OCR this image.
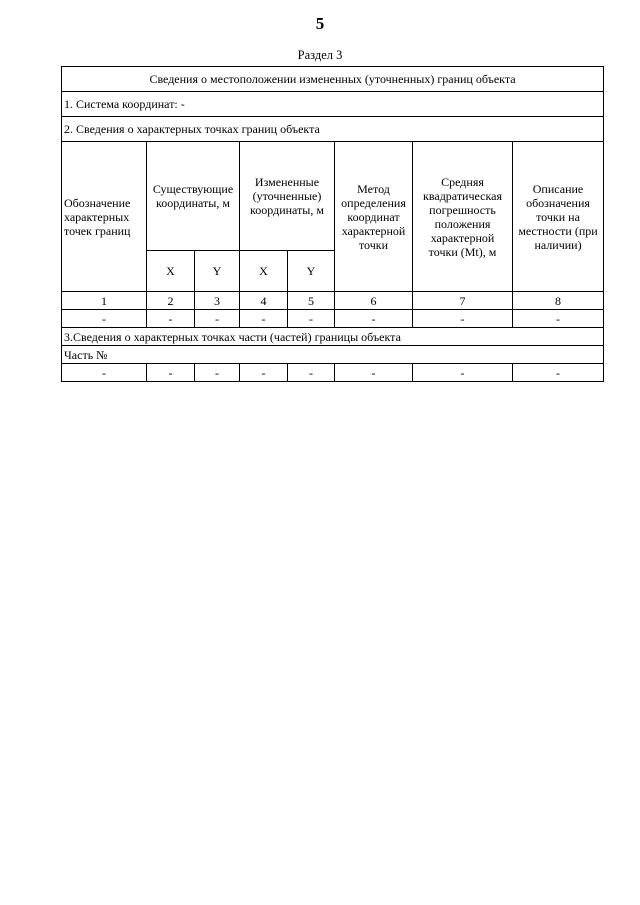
5
Раздел 3
Сведения о местоположении измененных (уточненных) границ объекта							
1. Система координат: -							
2. Сведения о характерных точках границ объекта							
Обозначение характерных точек границ	Существующие координаты, м		Измененные (уточненные) координаты, м		Метод определения координат характерной точки	Средняя квадратическая погрешность положения характерной точки (Mt), м	Описание обозначения точки на местности (при наличии)
	X	Y	X	Y			
1	2	3	4	5	6	7	8
-	-	-	-	-	-	-	-
3.Сведения о характерных точках части (частей) границы объекта							
Часть №							
-	-	-	-	-	-	-	-
